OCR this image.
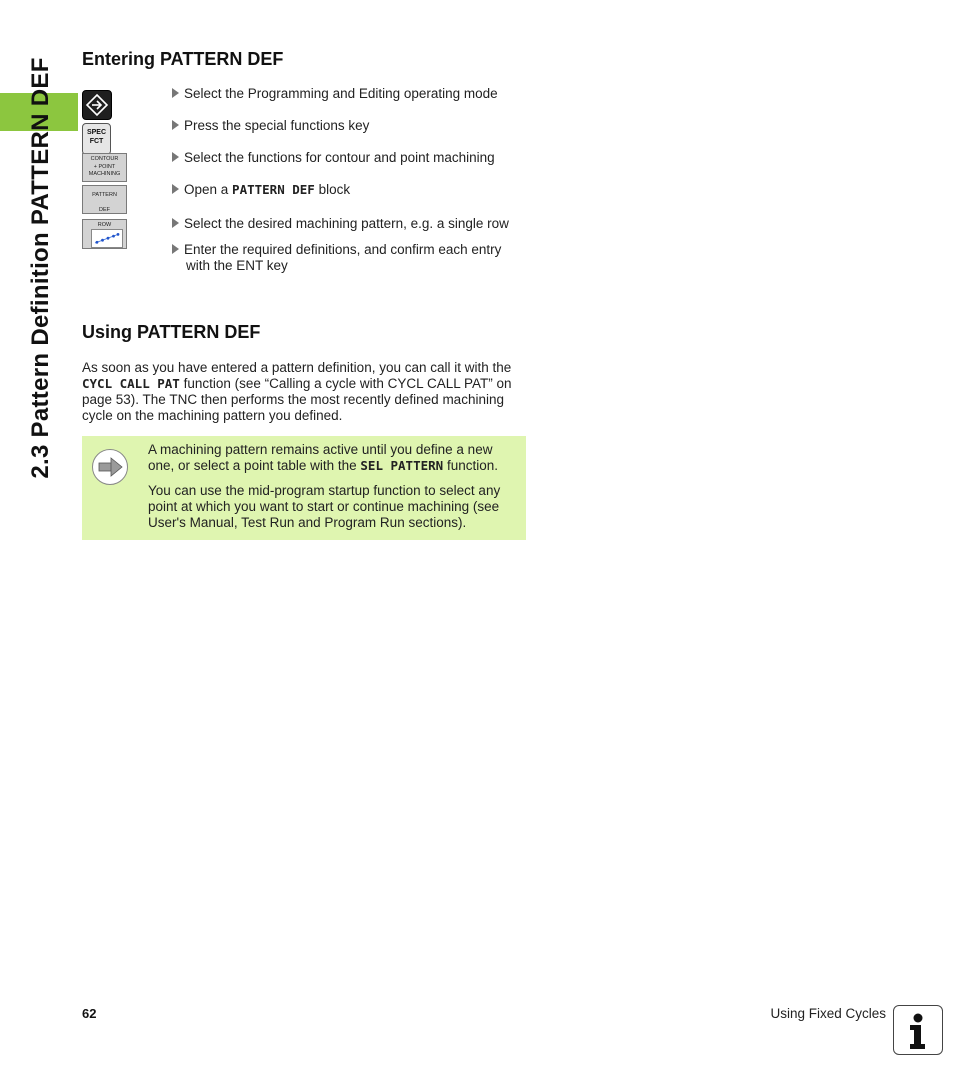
2.3 Pattern Definition PATTERN DEF Entering PATTERN DEF
SPEC
FCT
CONTOUR
+ POINT
MACHINING
PATTERN

DEF
ROW
Select the Programming and Editing operating mode
Press the special functions key
Select the functions for contour and point machining
Open a PATTERN DEF block
Select the desired machining pattern, e.g. a single row
Enter the required definitions, and confirm each entry
with the ENT key
Using PATTERN DEF
As soon as you have entered a pattern definition, you can call it with the CYCL CALL PAT function (see “Calling a cycle with CYCL CALL PAT” on page 53). The TNC then performs the most recently defined machining cycle on the machining pattern you defined.

A machining pattern remains active until you define a new one, or select a point table with the SEL PATTERN function.

You can use the mid-program startup function to select any point at which you want to start or continue machining (see User's Manual, Test Run and Program Run sections).

62	Using Fixed Cycles
